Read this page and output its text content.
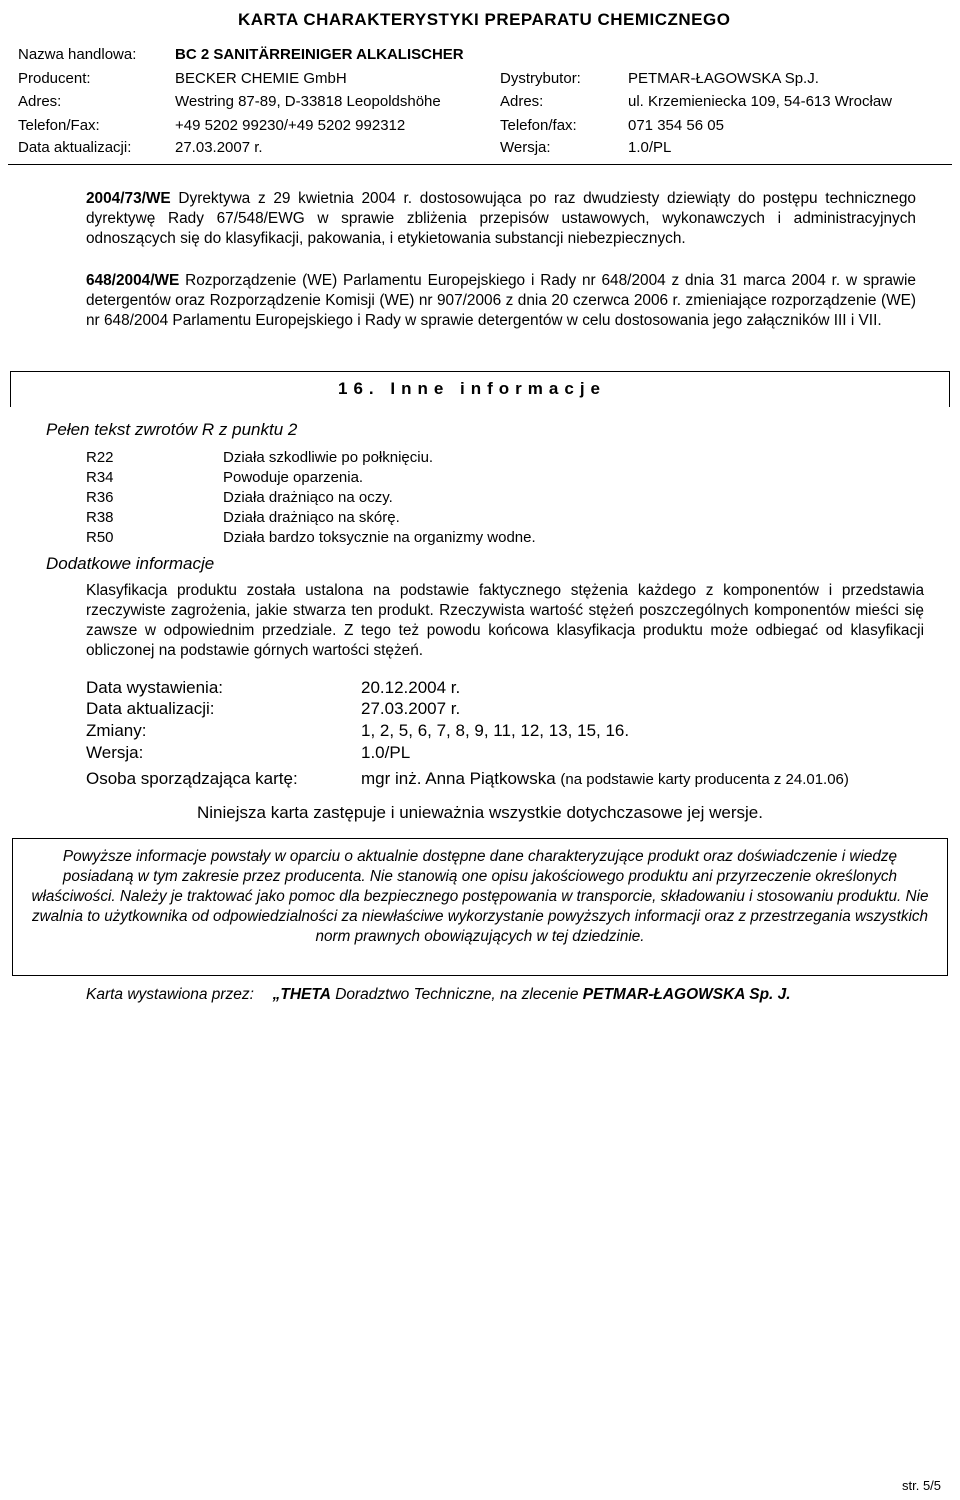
KARTA CHARAKTERYSTYKI PREPARATU CHEMICZNEGO
Nazwa handlowa:	BC 2 SANITÄRREINIGER ALKALISCHER
Producent:	BECKER CHEMIE GmbH	Dystrybutor:	PETMAR-ŁAGOWSKA Sp.J.
Adres:	Westring 87-89, D-33818 Leopoldshöhe	Adres:	ul. Krzemieniecka 109, 54-613 Wrocław
Telefon/Fax:	+49 5202 99230/+49 5202 992312	Telefon/fax:	071 354 56 05
Data aktualizacji:	27.03.2007 r.	Wersja:	1.0/PL
2004/73/WE Dyrektywa z 29 kwietnia 2004 r. dostosowująca po raz dwudziesty dziewiąty do postępu technicznego dyrektywę Rady 67/548/EWG w sprawie zbliżenia przepisów ustawowych, wykonawczych i administracyjnych odnoszących się do klasyfikacji, pakowania, i etykietowania substancji niebezpiecznych.
648/2004/WE Rozporządzenie (WE) Parlamentu Europejskiego i Rady nr 648/2004 z dnia 31 marca 2004 r. w sprawie detergentów oraz Rozporządzenie Komisji (WE) nr 907/2006 z dnia 20 czerwca 2006 r. zmieniające rozporządzenie (WE) nr 648/2004 Parlamentu Europejskiego i Rady w sprawie detergentów w celu dostosowania jego załączników III i VII.
16. Inne informacje
Pełen tekst zwrotów R z punktu 2
R22	Działa szkodliwie po połknięciu.
R34	Powoduje oparzenia.
R36	Działa drażniąco na oczy.
R38	Działa drażniąco na skórę.
R50	Działa bardzo toksycznie na organizmy wodne.
Dodatkowe informacje
Klasyfikacja produktu została ustalona na podstawie faktycznego stężenia każdego z komponentów i przedstawia rzeczywiste zagrożenia, jakie stwarza ten produkt. Rzeczywista wartość stężeń poszczególnych komponentów mieści się zawsze w odpowiednim przedziale. Z tego też powodu końcowa klasyfikacja produktu może odbiegać od klasyfikacji obliczonej na podstawie górnych wartości stężeń.
Data wystawienia:	20.12.2004 r.
Data aktualizacji:	27.03.2007 r.
Zmiany:	1, 2, 5, 6, 7, 8, 9, 11, 12, 13, 15, 16.
Wersja:	1.0/PL
Osoba sporządzająca kartę:	mgr inż. Anna Piątkowska (na podstawie karty producenta z 24.01.06)
Niniejsza karta zastępuje i unieważnia wszystkie dotychczasowe jej wersje.
Powyższe informacje powstały w oparciu o aktualnie dostępne dane charakteryzujące produkt oraz doświadczenie i wiedzę posiadaną w tym zakresie przez producenta. Nie stanowią one opisu jakościowego produktu ani przyrzeczenie określonych właściwości. Należy je traktować jako pomoc dla bezpiecznego postępowania w transporcie, składowaniu i stosowaniu produktu. Nie zwalnia to użytkownika od odpowiedzialności za niewłaściwe wykorzystanie powyższych informacji oraz z przestrzegania wszystkich norm prawnych obowiązujących w tej dziedzinie.
Karta wystawiona przez: „THETA Doradztwo Techniczne, na zlecenie PETMAR-ŁAGOWSKA Sp. J.
str. 5/5
